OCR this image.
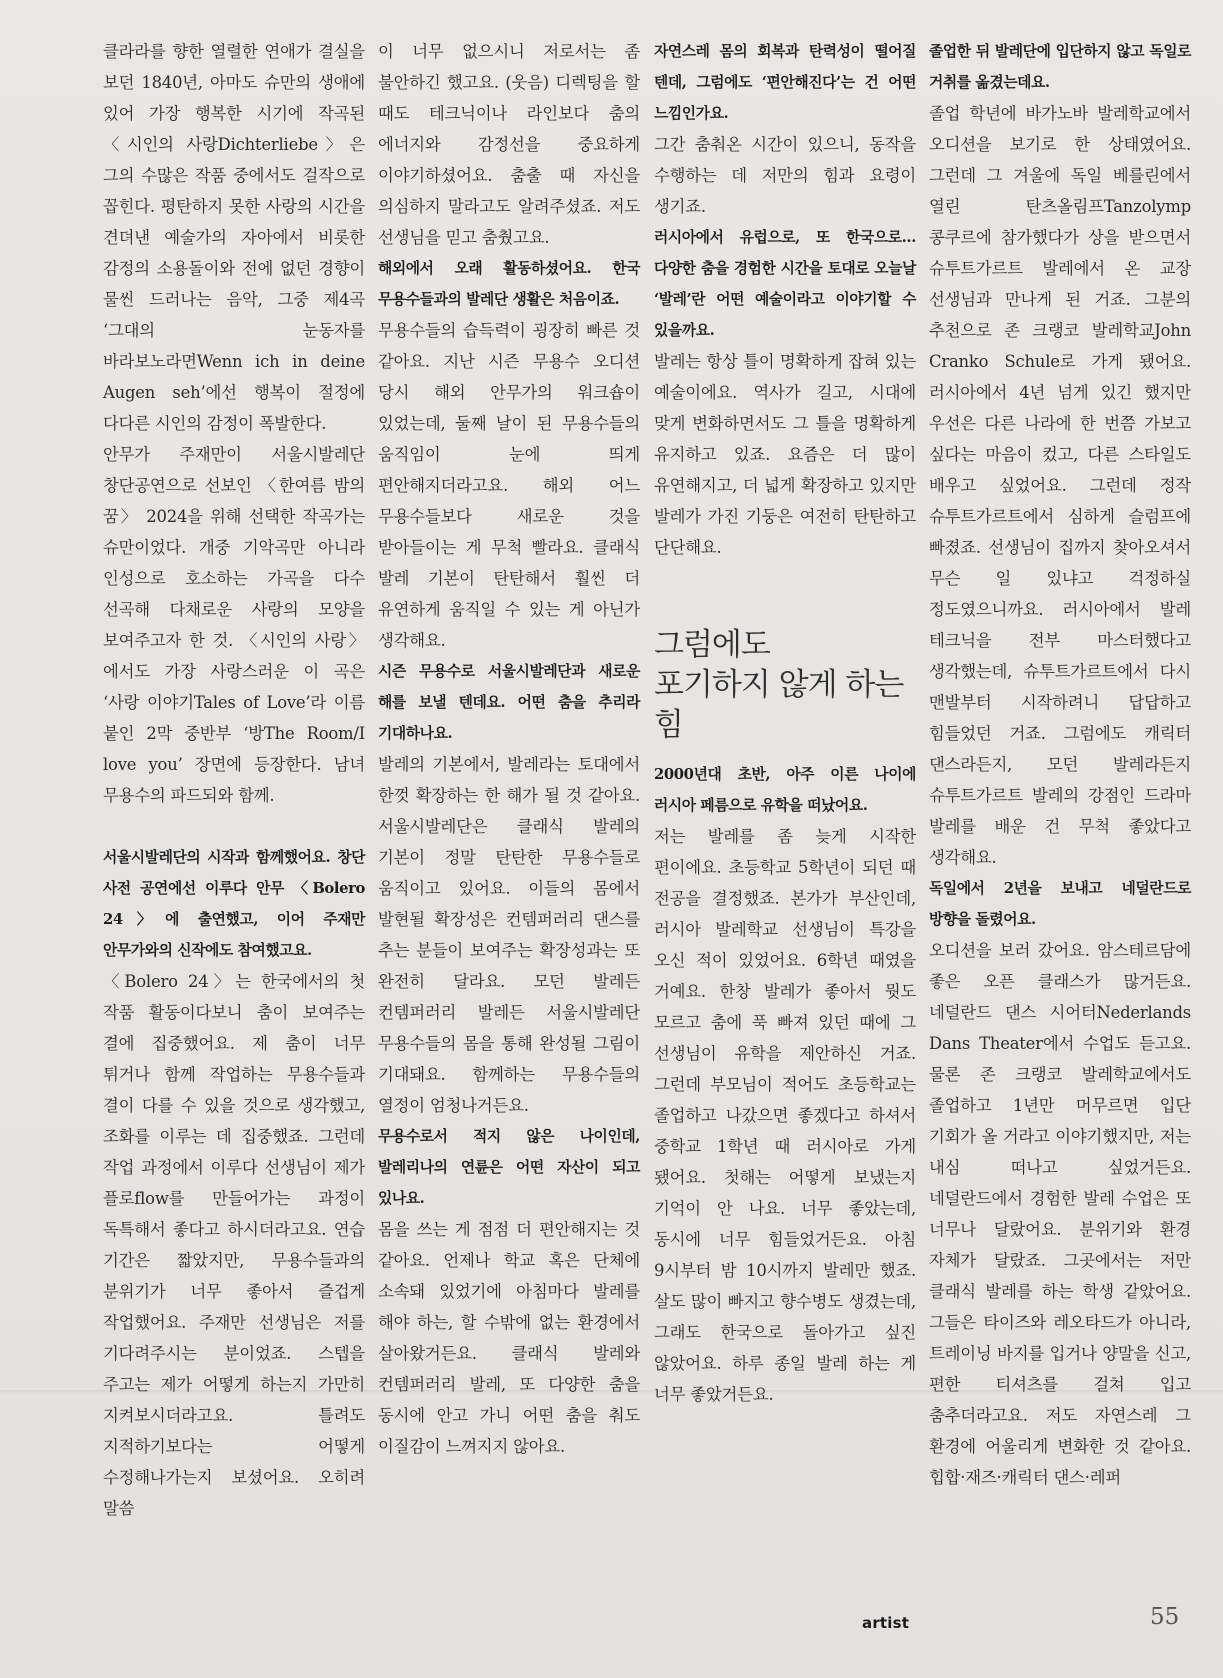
클라라를 향한 열렬한 연애가 결실을 보던 1840년, 아마도 슈만의 생애에 있어 가장 행복한 시기에 작곡된 〈시인의 사랑Dichterliebe〉은 그의 수많은 작품 중에서도 걸작으로 꼽힌다. 평탄하지 못한 사랑의 시간을 견뎌낸 예술가의 자아에서 비롯한 감정의 소용돌이와 전에 없던 경향이 물씬 드러나는 음악, 그중 제4곡 ‘그대의 눈동자를 바라보노라면Wenn ich in deine Augen seh’에선 행복이 절정에 다다른 시인의 감정이 폭발한다.

안무가 주재만이 서울시발레단 창단공연으로 선보인 〈한여름 밤의 꿈〉 2024을 위해 선택한 작곡가는 슈만이었다. 개중 기악곡만 아니라 인성으로 호소하는 가곡을 다수 선곡해 다채로운 사랑의 모양을 보여주고자 한 것. 〈시인의 사랑〉에서도 가장 사랑스러운 이 곡은 ‘사랑 이야기Tales of Love’라 이름 붙인 2막 중반부 ‘방The Room/I love you’ 장면에 등장한다. 남녀 무용수의 파드되와 함께.

서울시발레단의 시작과 함께했어요. 창단 사전 공연에선 이루다 안무 〈Bolero 24〉에 출연했고, 이어 주재만 안무가와의 신작에도 참여했고요.

〈Bolero 24〉는 한국에서의 첫 작품 활동이다보니 춤이 보여주는 결에 집중했어요. 제 춤이 너무 튀거나 함께 작업하는 무용수들과 결이 다를 수 있을 것으로 생각했고, 조화를 이루는 데 집중했죠. 그런데 작업 과정에서 이루다 선생님이 제가 플로flow를 만들어가는 과정이 독특해서 좋다고 하시더라고요. 연습 기간은 짧았지만, 무용수들과의 분위기가 너무 좋아서 즐겁게 작업했어요. 주재만 선생님은 저를 기다려주시는 분이었죠. 스텝을 주고는 제가 어떻게 하는지 가만히 지켜보시더라고요. 틀려도 지적하기보다는 어떻게 수정해나가는지 보셨어요. 오히려 말씀

이 너무 없으시니 저로서는 좀 불안하긴 했고요. (웃음) 디렉팅을 할 때도 테크닉이나 라인보다 춤의 에너지와 감정선을 중요하게 이야기하셨어요. 춤출 때 자신을 의심하지 말라고도 알려주셨죠. 저도 선생님을 믿고 춤췄고요.

해외에서 오래 활동하셨어요. 한국 무용수들과의 발레단 생활은 처음이죠.

무용수들의 습득력이 굉장히 빠른 것 같아요. 지난 시즌 무용수 오디션 당시 해외 안무가의 워크숍이 있었는데, 둘째 날이 된 무용수들의 움직임이 눈에 띄게 편안해지더라고요. 해외 어느 무용수들보다 새로운 것을 받아들이는 게 무척 빨라요. 클래식 발레 기본이 탄탄해서 훨씬 더 유연하게 움직일 수 있는 게 아닌가 생각해요.

시즌 무용수로 서울시발레단과 새로운 해를 보낼 텐데요. 어떤 춤을 추리라 기대하나요.

발레의 기본에서, 발레라는 토대에서 한껏 확장하는 한 해가 될 것 같아요. 서울시발레단은 클래식 발레의 기본이 정말 탄탄한 무용수들로 움직이고 있어요. 이들의 몸에서 발현될 확장성은 컨템퍼러리 댄스를 추는 분들이 보여주는 확장성과는 또 완전히 달라요. 모던 발레든 컨템퍼러리 발레든 서울시발레단 무용수들의 몸을 통해 완성될 그림이 기대돼요. 함께하는 무용수들의 열정이 엄청나거든요.

무용수로서 적지 않은 나이인데, 발레리나의 연륜은 어떤 자산이 되고 있나요.

몸을 쓰는 게 점점 더 편안해지는 것 같아요. 언제나 학교 혹은 단체에 소속돼 있었기에 아침마다 발레를 해야 하는, 할 수밖에 없는 환경에서 살아왔거든요. 클래식 발레와 컨템퍼러리 발레, 또 다양한 춤을 동시에 안고 가니 어떤 춤을 춰도 이질감이 느껴지지 않아요.

자연스레 몸의 회복과 탄력성이 떨어질 텐데, 그럼에도 ‘편안해진다’는 건 어떤 느낌인가요.

그간 춤춰온 시간이 있으니, 동작을 수행하는 데 저만의 힘과 요령이 생기죠.

러시아에서 유럽으로, 또 한국으로… 다양한 춤을 경험한 시간을 토대로 오늘날 ‘발레’란 어떤 예술이라고 이야기할 수 있을까요.

발레는 항상 틀이 명확하게 잡혀 있는 예술이에요. 역사가 길고, 시대에 맞게 변화하면서도 그 틀을 명확하게 유지하고 있죠. 요즘은 더 많이 유연해지고, 더 넓게 확장하고 있지만 발레가 가진 기둥은 여전히 탄탄하고 단단해요.

그럼에도
포기하지 않게 하는
힘

2000년대 초반, 아주 이른 나이에 러시아 페름으로 유학을 떠났어요.

저는 발레를 좀 늦게 시작한 편이에요. 초등학교 5학년이 되던 때 전공을 결정했죠. 본가가 부산인데, 러시아 발레학교 선생님이 특강을 오신 적이 있었어요. 6학년 때였을 거예요. 한창 발레가 좋아서 뭣도 모르고 춤에 푹 빠져 있던 때에 그 선생님이 유학을 제안하신 거죠. 그런데 부모님이 적어도 초등학교는 졸업하고 나갔으면 좋겠다고 하셔서 중학교 1학년 때 러시아로 가게 됐어요. 첫해는 어떻게 보냈는지 기억이 안 나요. 너무 좋았는데, 동시에 너무 힘들었거든요. 아침 9시부터 밤 10시까지 발레만 했죠. 살도 많이 빠지고 향수병도 생겼는데, 그래도 한국으로 돌아가고 싶진 않았어요. 하루 종일 발레 하는 게 너무 좋았거든요.

졸업한 뒤 발레단에 입단하지 않고 독일로 거취를 옮겼는데요.

졸업 학년에 바가노바 발레학교에서 오디션을 보기로 한 상태였어요. 그런데 그 겨울에 독일 베를린에서 열린 탄츠올림프Tanzolymp 콩쿠르에 참가했다가 상을 받으면서 슈투트가르트 발레에서 온 교장 선생님과 만나게 된 거죠. 그분의 추천으로 존 크랭코 발레학교John Cranko Schule로 가게 됐어요. 러시아에서 4년 넘게 있긴 했지만 우선은 다른 나라에 한 번쯤 가보고 싶다는 마음이 컸고, 다른 스타일도 배우고 싶었어요. 그런데 정작 슈투트가르트에서 심하게 슬럼프에 빠졌죠. 선생님이 집까지 찾아오셔서 무슨 일 있냐고 걱정하실 정도였으니까요. 러시아에서 발레 테크닉을 전부 마스터했다고 생각했는데, 슈투트가르트에서 다시 맨발부터 시작하려니 답답하고 힘들었던 거죠. 그럼에도 캐릭터 댄스라든지, 모던 발레라든지 슈투트가르트 발레의 강점인 드라마 발레를 배운 건 무척 좋았다고 생각해요.

독일에서 2년을 보내고 네덜란드로 방향을 돌렸어요.

오디션을 보러 갔어요. 암스테르담에 좋은 오픈 클래스가 많거든요. 네덜란드 댄스 시어터Nederlands Dans Theater에서 수업도 듣고요. 물론 존 크랭코 발레학교에서도 졸업하고 1년만 머무르면 입단 기회가 올 거라고 이야기했지만, 저는 내심 떠나고 싶었거든요. 네덜란드에서 경험한 발레 수업은 또 너무나 달랐어요. 분위기와 환경 자체가 달랐죠. 그곳에서는 저만 클래식 발레를 하는 학생 같았어요. 그들은 타이즈와 레오타드가 아니라, 트레이닝 바지를 입거나 양말을 신고, 편한 티셔츠를 걸쳐 입고 춤추더라고요. 저도 자연스레 그 환경에 어울리게 변화한 것 같아요. 힙합·재즈·캐릭터 댄스·레퍼

artist	55
